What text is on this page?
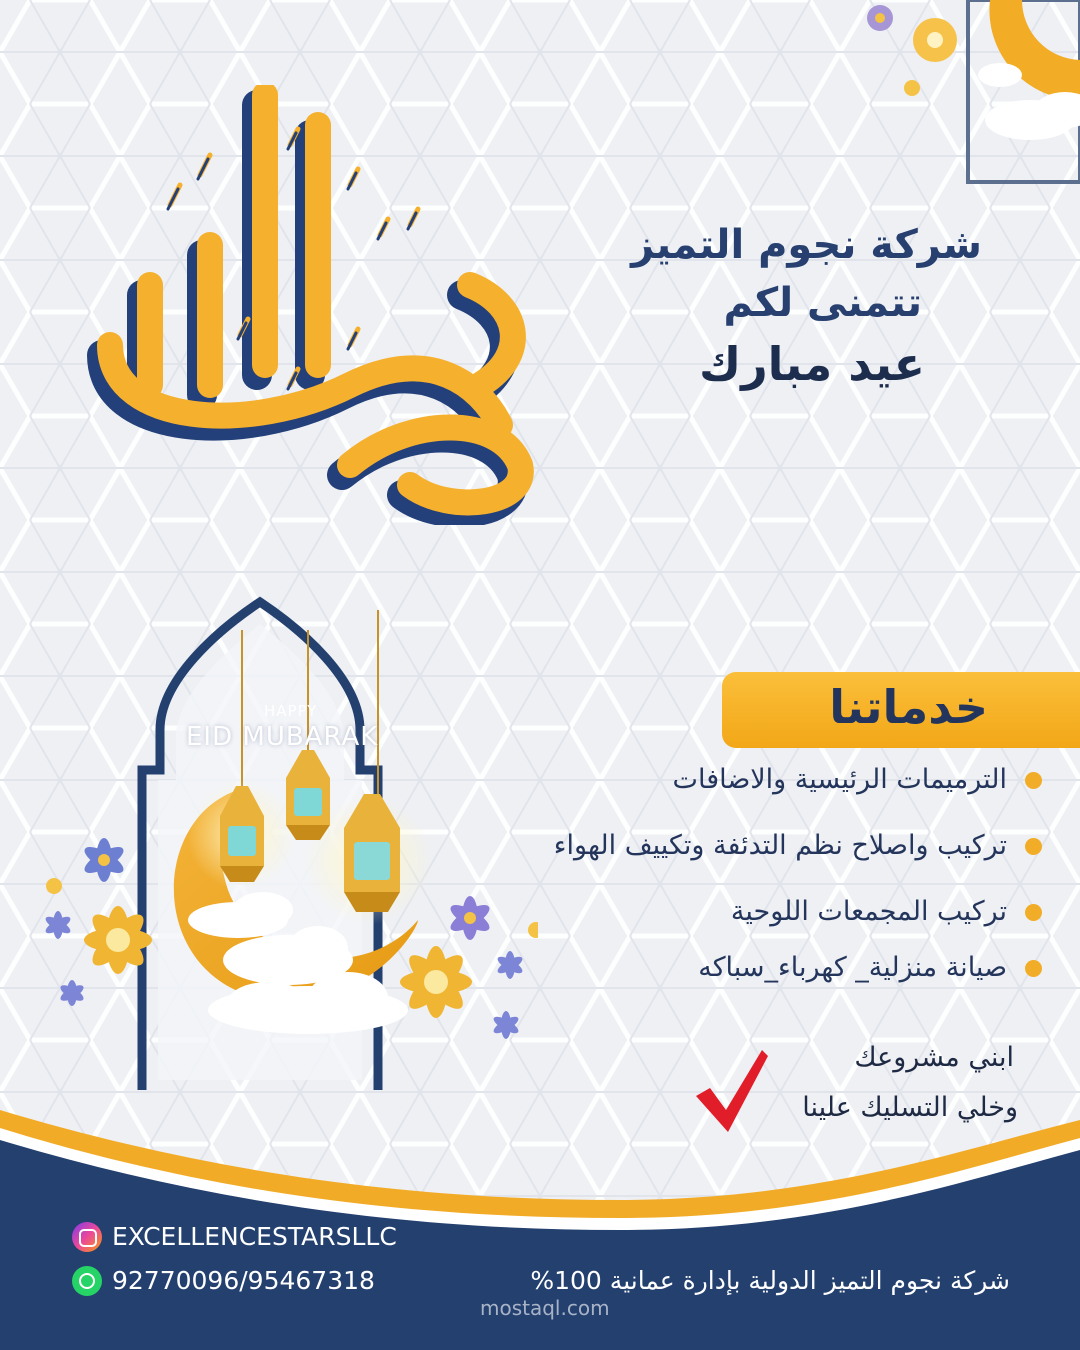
شركة نجوم التميز
تتمنى لكم
عيد مبارك
HAPPY
EID MUBARAK
خدماتنا
الترميمات الرئيسية والاضافات
تركيب واصلاح نظم التدئفة وتكييف الهواء
تركيب المجمعات اللوحية
صيانة منزلية_ كهرباء_سباكه
ابني مشروعك
وخلي التسليك علينا
EXCELLENCESTARSLLC
92770096/95467318	شركة نجوم التميز الدولية بإدارة عمانية 100%
mostaql.com
